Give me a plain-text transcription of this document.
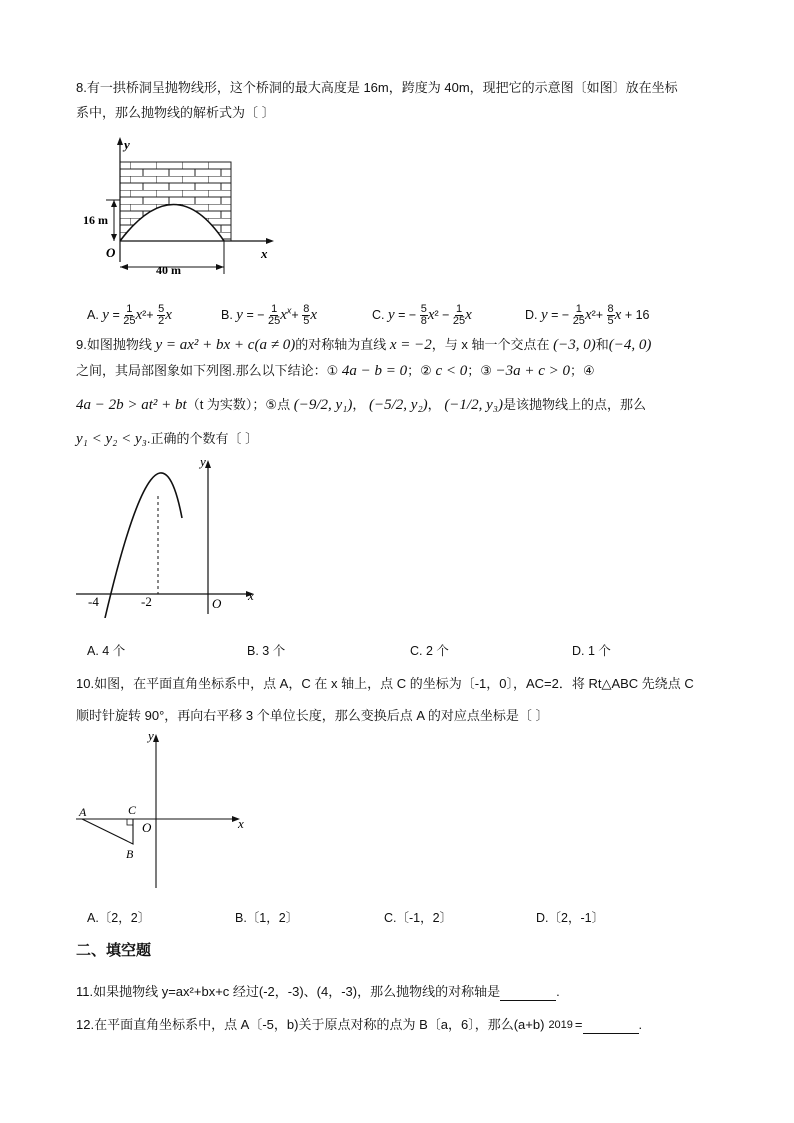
8.有一拱桥洞呈抛物线形，这个桥洞的最大高度是 16m，跨度为 40m，现把它的示意图〔如图〕放在坐标
系中，那么抛物线的解析式为〔 〕
y
x
O
16 m
40 m
A. $y = \frac{1}{25} x^2+ \frac{5}{2}$ x	B. y = − $\frac{1}{25} x^x+ \frac{8}{5}$ x	C. y = − $\frac{5}{8} x^2 - \frac{1}{25}$ x	D. y = − $\frac{1}{25} x^2+ \frac{8}{5}$ x + 16
9.如图抛物线 y = ax² + bx + c(a ≠ 0)的对称轴为直线 x = −2，与 x 轴一个交点在 (−3, 0)和(−4, 0)
之间，其局部图象如下列图.那么以下结论：① 4a − b = 0；② c < 0；③ −3a + c > 0；④
4a − 2b > at² + bt（t 为实数）；⑤点 (−9/2, y₁)， (−5/2, y₂)， (−1/2, y₃)是该抛物线上的点，那么
y₁ < y₂ < y₃.正确的个数有〔 〕
y
x
O
-4	-2
A. 4 个	B. 3 个	C. 2 个	D. 1 个
10.如图，在平面直角坐标系中，点 A，C 在 x 轴上，点 C 的坐标为〔-1，0〕，AC=2．将 Rt△ABC 先绕点 C
顺时针旋转 90°，再向右平移 3 个单位长度，那么变换后点 A 的对应点坐标是〔 〕
y
x
O
A	C
B
A.〔2，2〕	B.〔1，2〕	C.〔-1，2〕	D.〔2，-1〕
二、填空题
11.如果抛物线 y=ax²+bx+c 经过(-2，-3)、(4，-3)，那么抛物线的对称轴是	.
12.在平面直角坐标系中，点 A〔-5，b)关于原点对称的点为 B〔a，6〕，那么(a+b) 2019 =	.
